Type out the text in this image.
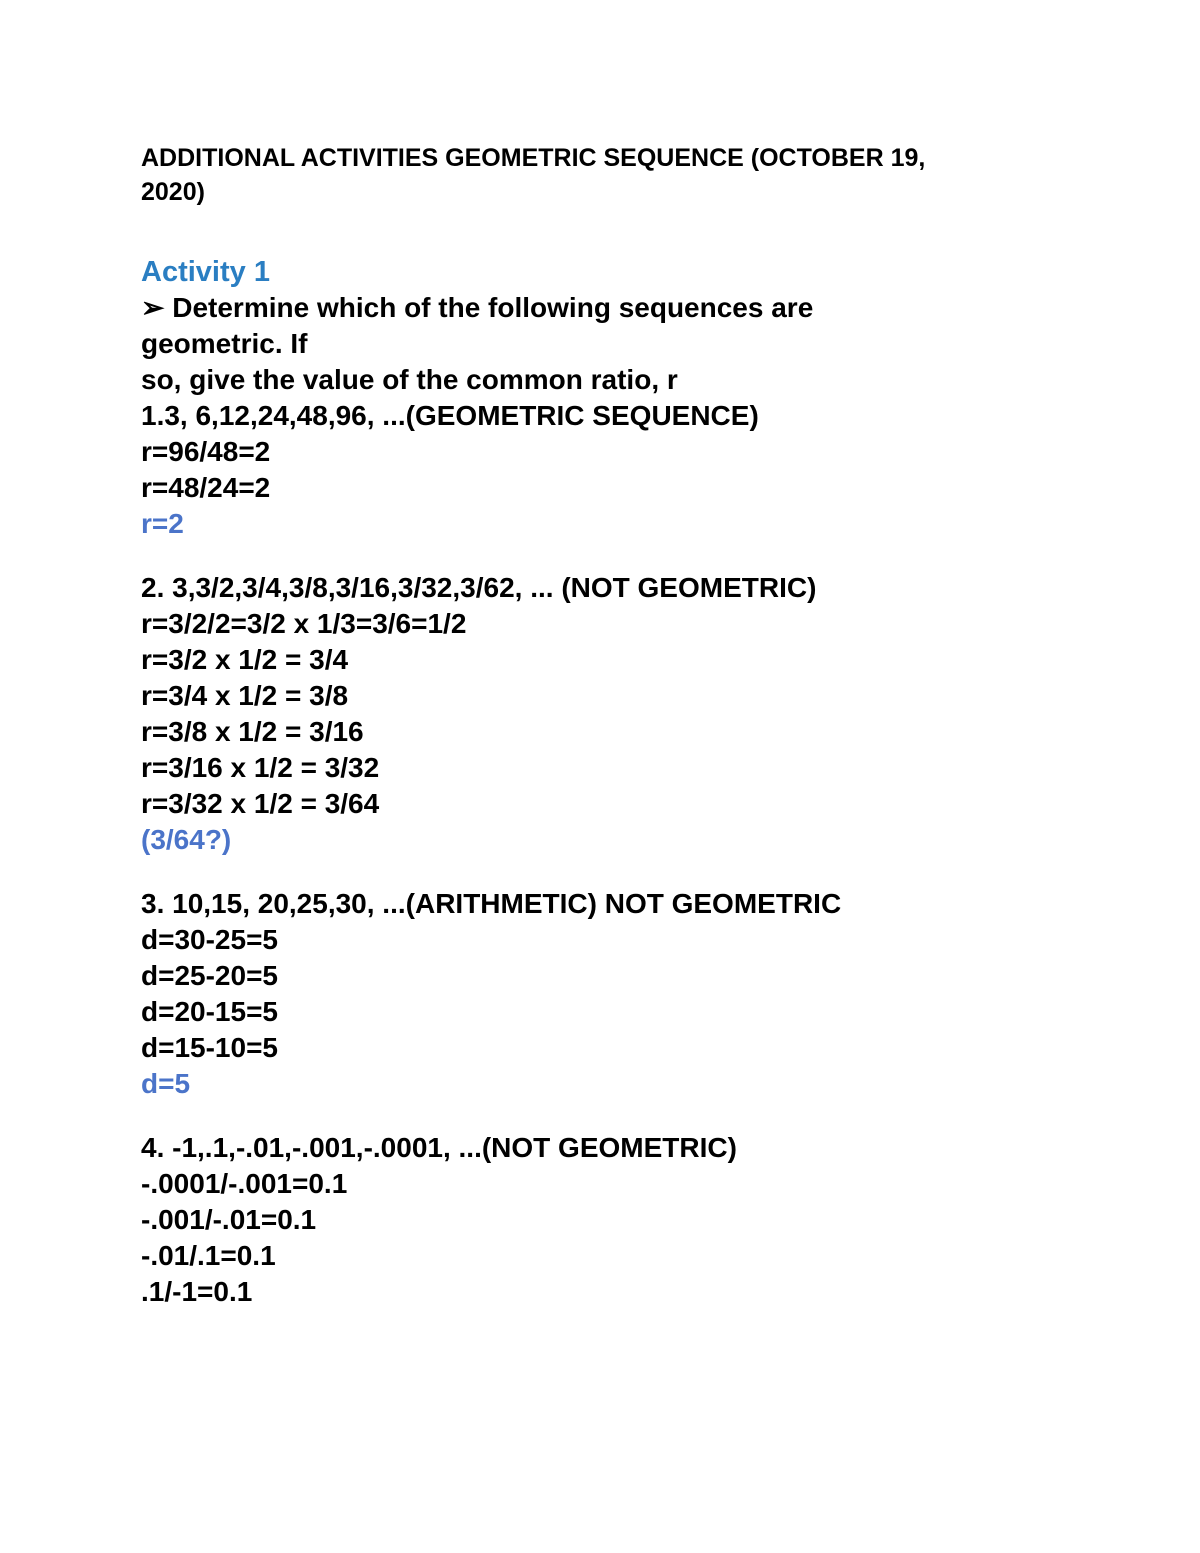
ADDITIONAL ACTIVITIES GEOMETRIC SEQUENCE (OCTOBER 19,
2020)
Activity 1
➢ Determine which of the following sequences are
geometric. If
so, give the value of the common ratio, r
1.3, 6,12,24,48,96, ...(GEOMETRIC SEQUENCE)
r=96/48=2
r=48/24=2
r=2
2. 3,3/2,3/4,3/8,3/16,3/32,3/62, ... (NOT GEOMETRIC)
r=3/2/2=3/2 x 1/3=3/6=1/2
r=3/2 x 1/2 = 3/4
r=3/4 x 1/2 = 3/8
r=3/8 x 1/2 = 3/16
r=3/16 x 1/2 = 3/32
r=3/32 x 1/2 = 3/64
(3/64?)
3. 10,15, 20,25,30, ...(ARITHMETIC) NOT GEOMETRIC
d=30-25=5
d=25-20=5
d=20-15=5
d=15-10=5
d=5
4. -1,.1,-.01,-.001,-.0001, ...(NOT GEOMETRIC)
-.0001/-.001=0.1
-.001/-.01=0.1
-.01/.1=0.1
.1/-1=0.1
